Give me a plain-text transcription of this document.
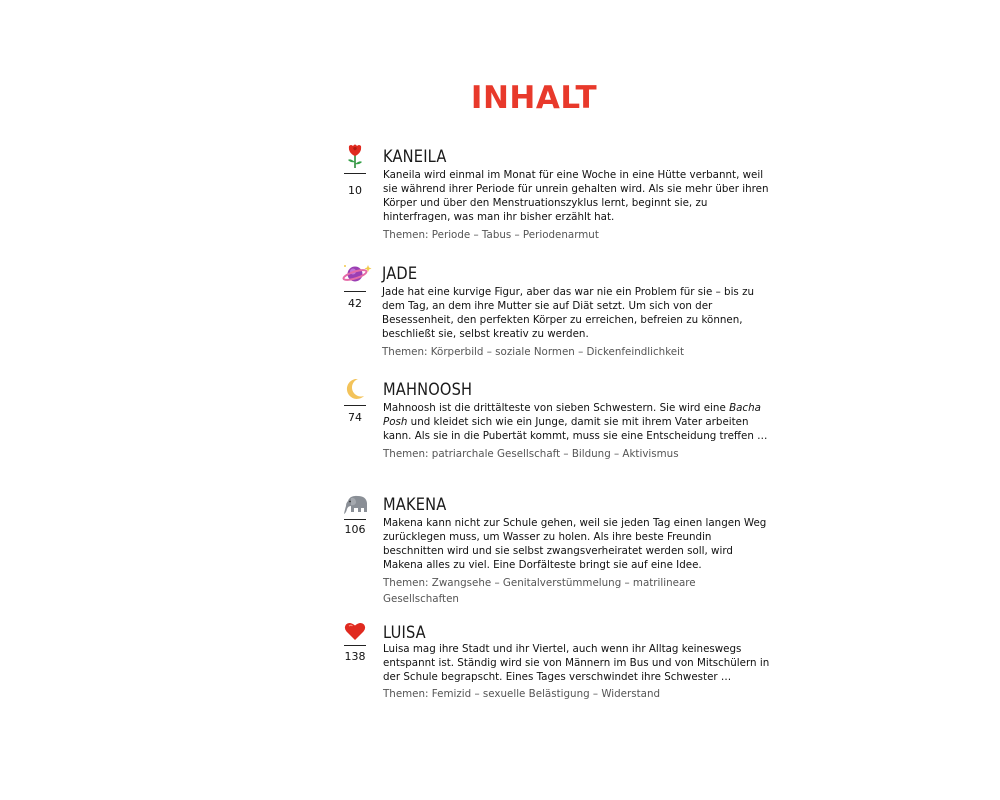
INHALT
10
KANEILA

Kaneila wird einmal im Monat für eine Woche in eine Hütte verbannt, weil sie während ihrer Periode für unrein gehalten wird. Als sie mehr über ihren Körper und über den Menstruationszyklus lernt, beginnt sie, zu hinterfragen, was man ihr bisher erzählt hat.

Themen: Periode – Tabus – Periodenarmut

42
JADE

Jade hat eine kurvige Figur, aber das war nie ein Problem für sie – bis zu dem Tag, an dem ihre Mutter sie auf Diät setzt. Um sich von der Besessenheit, den perfekten Körper zu erreichen, befreien zu können, beschließt sie, selbst kreativ zu werden.

Themen: Körperbild – soziale Normen – Dickenfeindlichkeit

74
MAHNOOSH

Mahnoosh ist die drittälteste von sieben Schwestern. Sie wird eine Bacha Posh und kleidet sich wie ein Junge, damit sie mit ihrem Vater arbeiten kann. Als sie in die Pubertät kommt, muss sie eine Entscheidung treffen …

Themen: patriarchale Gesellschaft – Bildung – Aktivismus

106
MAKENA

Makena kann nicht zur Schule gehen, weil sie jeden Tag einen langen Weg zurücklegen muss, um Wasser zu holen. Als ihre beste Freundin beschnitten wird und sie selbst zwangsverheiratet werden soll, wird Makena alles zu viel. Eine Dorfälteste bringt sie auf eine Idee.

Themen: Zwangsehe – Genitalverstümmelung – matrilineare Gesellschaften

138
LUISA

Luisa mag ihre Stadt und ihr Viertel, auch wenn ihr Alltag keineswegs entspannt ist. Ständig wird sie von Männern im Bus und von Mitschülern in der Schule begrapscht. Eines Tages verschwindet ihre Schwester …

Themen: Femizid – sexuelle Belästigung – Widerstand
